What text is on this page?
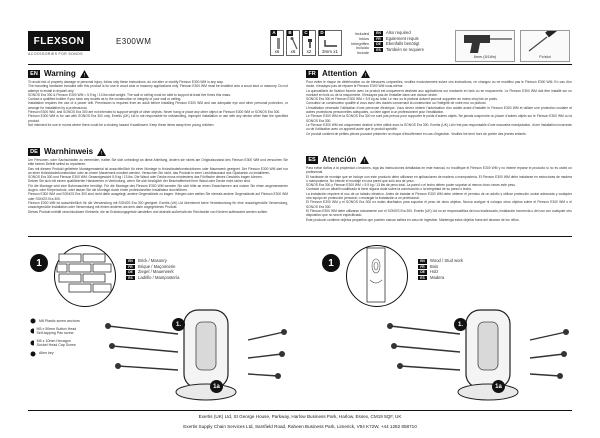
FLEXSON
ACCESSORIES FOR SONOS
E300WM
A
x6
B
x6
C
x2
D
3mm x1
Included
Inklus
Inbegriffen
Incluido
Include
EN Also required
FR Egalement requis
DE Ebenfalls benötigt
ES También se requiere
6mm (5/16in)	Pz/slot
EN Warning !
To avoid risk of property damage or personal injury, follow only these instructions, do not alter or modify Flexson E300 WM in any way.
The mounting hardware included with this product is for use in wood stud or masonry applications only. Flexson E300 WM must be installed onto a wood stud or masonry. Do not attempt to install in drywall only.
SONOS Era 300 & Flexson E300 WM = 5.9 kg / 13 lbs total weight. The wall or ceiling must be able to support at least five times this mass.
Contact a qualified builder if you have any doubts as to the construction or integrity of your wall or ceiling.
Installation requires the use of a power drill. Permission is required from an adult before installing Flexson E300 WM and use adequate eye and other personal protection, or arrange for installation by a professional.
Flexson E300 WM, and SONOS Era 300 are not intended to support weight of other objects. Never hang or place any other object on Flexson E300 WM or SONOS Era 300.
Flexson E300 WM is for use with SONOS Era 300 only. Exertis (UK) Ltd is not responsible for mishandling, improper installation or use with any device other than the specified product.
Not intended for use in rooms where there could be a choking hazard if swallowed. Keep these items away from young children.
DE Warnhinweis !
Um Personen- oder Sachschäden zu vermeiden, halten Sie sich unbedingt an diese Anleitung, ändern sie nichts am Originalzustand des Flexson E300 WM und versuchen Sie bitte keinen Defekt selbst zu reparieren.
Das mit diesem Produkt gelieferte Montagematerial ist ausschließlich für einer Montage in Holzständerkonstruktionen oder Mauerwerk geeignet. Der Flexson E300 WM darf nur an einer Holzständerkonstruktion oder an einem Mauerwerk montiert werden. Versuchen Sie nicht, das Produkt in einer Leichtbauwand aus Gipskarton zu installieren.
SONOS Era 300 und Flexson E300 WM: Gesamtgewicht 5,9 kg / 13 lbs. Die Wand oder Decke muss mindestens das Fünffache dieses Gewichts tragen können.
Setzen Sie sich mit einem qualifizierten Handwerker in Verbindung, wenn Sie sich bezüglich der Beschaffenheit Ihrer Wand oder Decke nicht sicher sind.
Für die Montage wird eine Bohrmaschine benötigt. Für die Montage des Flexson E300 WM wenden Sie sich bitte an einen Erwachsenen und nutzen Sie einen angemessenen Augen- oder Körperschutz, oder lassen Sie die Montage durch einen professionellen Installateur durchführen.
Flexson E300 WM und SONOS Era 300 sind nicht dafür ausgelegt, andere Gegenstände zu tragen. Hängen oder stellen Sie niemals andere Gegenstände auf Flexson E300 WM oder SONOS Era 300.
Flexson E300 WM ist ausschließlich für die Verwendung mit SONOS Era 300 geeignet. Exertis (UK) Ltd übernimmt keine Verantwortung für eine unsachgemäße Verwendung, unsachgemäße Installation oder Verwendung mit einem anderen als dem darin angegebenen Produkt.
Dieses Produkt enthält verschluckbare Kleinteile, die an Erstickungsgefahr darstellen und deshalb außerhalb der Reichweite von Kindern aufbewahrt werden sollten.
FR Attention !
Pour éviter le risque de détérioration ou de blessures corporelles, veuillez exclusivement suivre ces instructions, ne changez ou ne modifiez pas le Flexson E300 WM. En cas d'un doute, n'essayez pas de réparer le Flexson E300 WM vous-même.
La quincaillerie de fixation fournie avec ce produit est uniquement destinée aux applications sur montants en bois ou en maçonnerie. Le Flexson E300 WM doit être installé sur un montant en bois ou de la maçonnerie. N'essayez pas de l'installer dans une cloison sèche.
SONOS Era 300 et Flexson E300 WM = 5,9 kg au total. Le mur ou le plafond doivent pouvoir supporter au moins cinq fois ce poids.
Consultez un constructeur qualifié si vous avez des doutes concernant la construction ou l'intégrité de votre mur ou plafond.
L'installation nécessite l'utilisation d'une perceuse électrique. Vous devez obtenir l'autorisation d'un adulte avant d'installer le Flexson E300 WM et utiliser une protection oculaire et autres protections personnelles adéquates, ou faire appel à un professionnel pour l'installation.
Le Flexson E300 WM et la SONOS Era 300 ne sont pas prévus pour supporter le poids d'autres objets. Ne jamais suspendre ou placer d'autres objets sur le Flexson E300 WM ou la SONOS Era 300.
Le Flexson E300 WM est uniquement destiné à être utilisé avec la SONOS Era 300. Exertis (UK) Ltd n'est pas responsable d'une mauvaise manipulation, d'une installation incorrecte ou de l'utilisation avec un appareil autre que le produit spécifié.
Ce produit contient de petites pièces pouvant présenter un risque d'étouffement en cas d'ingestion. Veuillez les tenir hors de portée des jeunes enfants.
ES Atención !
Para evitar daños a la propiedad o lesiones, siga las instrucciones detalladas en este manual, no modifique el Flexson E300 WM y no intente reparar el producto si no es usted un profesional.
El hardware de montaje que se incluye con este producto debe utilizarse en aplicaciones de madera o mampostería. El Flexson E300 WM debe instalarse en estructuras de madera o mampostería. No intente el montaje en una pared que solo sea de yeso.
SONOS Era 300 y Flexson E300 WM = 5,9 kg / 13 lbs de peso total. La pared o el techo deben poder soportar al menos cinco veces este peso.
Contacte con un albañil cualificado si tiene alguna duda sobre la construcción o la integridad de su pared o techo.
La instalación requiere el uso de un taladro eléctrico. Antes de instalar el Flexson E300 WM debe obtener el permiso de un adulto y utilizar protección ocular adecuada y cualquier otro equipo de protección personal, o encargar la instalación a un profesional.
El Flexson E300 WM y el SONOS Era 300 no están diseñados para soportar el peso de otros objetos. Nunca cuelgue ni coloque otros objetos sobre el Flexson E300 WM o el SONOS Era 300.
El Flexson E300 WM debe utilizarse únicamente con el SONOS Era 300. Exertis (UK) Ltd no se responsabiliza del uso inadecuado, instalación incorrecta o del uso con cualquier otro dispositivo que no sea el especificado.
Este producto contiene objetos pequeños que pueden causar asfixia en caso de ingestión. Mantenga estos objetos fuera del alcance de los niños.
1	EN Brick / Masonry
FR Brique / Maçonnerie
DE Ziegel / Mauerwerk
ES Ladrillo / Mampostería
M6 Plastic screw anchors
M5 x 50mm Button Head Self-tapping Pan screw
M5 x 10mm Hexagon Socket Head Cap Screw
Allen key
1.
1a
1	EN Wood / Stud work
FR Bois
DE Holz
ES Madera
1.
1a
Exertis (UK) Ltd, St George House, Parkway, Harlow Business Park, Harlow, Essex, CM19 5QF, UK
Exertis Supply Chain Services Ltd, Sarsfield Road, Raheen Business Park, Limerick, V94 K72W, +44 1282 858710
